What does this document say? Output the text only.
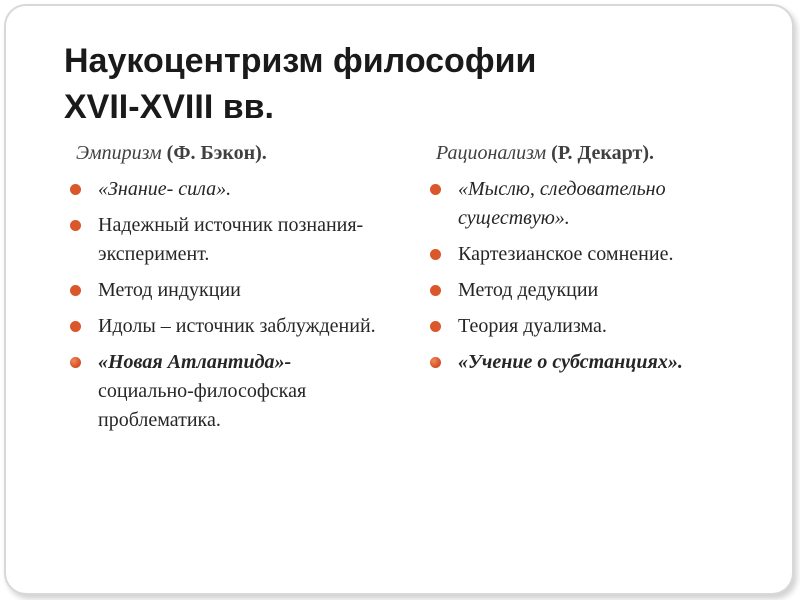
Наукоцентризм философии
XVII-XVIII вв.

Эмпиризм (Ф. Бэкон).

«Знание- сила».
Надежный источник познания- эксперимент.
Метод индукции
Идолы – источник заблуждений.
«Новая Атлантида»- социально-философская проблематика.

Рационализм (Р. Декарт).

«Мыслю, следовательно существую».
Картезианское сомнение.
Метод дедукции
Теория дуализма.
«Учение о субстанциях».
